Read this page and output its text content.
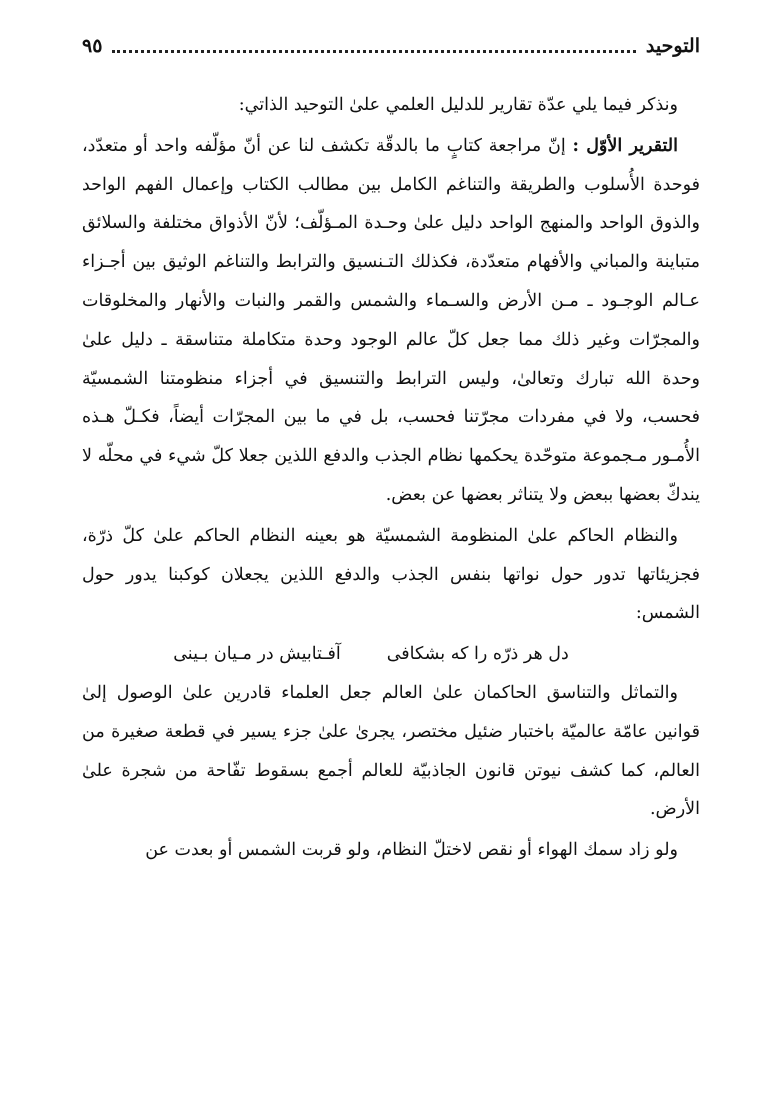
التوحيد
٩٥

ونذكر فيما يلي عدّة تقارير للدليل العلمي علىٰ التوحيد الذاتي:

التقرير الأوّل : إنّ مراجعة كتابٍ ما بالدقّة تكشف لنا عن أنّ مؤلّفه واحد أو متعدّد، فوحدة الأُسلوب والطريقة والتناغم الكامل بين مطالب الكتاب وإعمال الفهم الواحد والذوق الواحد والمنهج الواحد دليل علىٰ وحـدة المـؤلّف؛ لأنّ الأذواق مختلفة والسلائق متباينة والمباني والأفهام متعدّدة، فكذلك التـنسيق والترابط والتناغم الوثيق بين أجـزاء عـالم الوجـود ـ مـن الأرض والسـماء والشمس والقمر والنبات والأنهار والمخلوقات والمجرّات وغير ذلك مما جعل كلّ عالم الوجود وحدة متكاملة متناسقة ـ دليل علىٰ وحدة الله تبارك وتعالىٰ، وليس الترابط والتنسيق في أجزاء منظومتنا الشمسيّة فحسب، ولا في مفردات مجرّتنا فحسب، بل في ما بين المجرّات أيضاً، فكـلّ هـذه الأُمـور مـجموعة متوحّدة يحكمها نظام الجذب والدفع اللذين جعلا كلّ شيء في محلّه لا يندكّ بعضها ببعض ولا يتناثر بعضها عن بعض.

والنظام الحاكم علىٰ المنظومة الشمسيّة هو بعينه النظام الحاكم علىٰ كلّ ذرّة، فجزيئاتها تدور حول نواتها بنفس الجذب والدفع اللذين يجعلان كوكبنا يدور حول الشمس:

دل هر ذرّه را كه بشكافى
آفـتابيش در مـيان بـينى

والتماثل والتناسق الحاكمان علىٰ العالم جعل العلماء قادرين علىٰ الوصول إلىٰ قوانين عامّة عالميّة باختبار ضئيل مختصر، يجرىٰ علىٰ جزء يسير في قطعة صغيرة من العالم، كما كشف نيوتن قانون الجاذبيّة للعالم أجمع بسقوط تفّاحة من شجرة علىٰ الأرض.

ولو زاد سمك الهواء أو نقص لاختلّ النظام، ولو قربت الشمس أو بعدت عن
